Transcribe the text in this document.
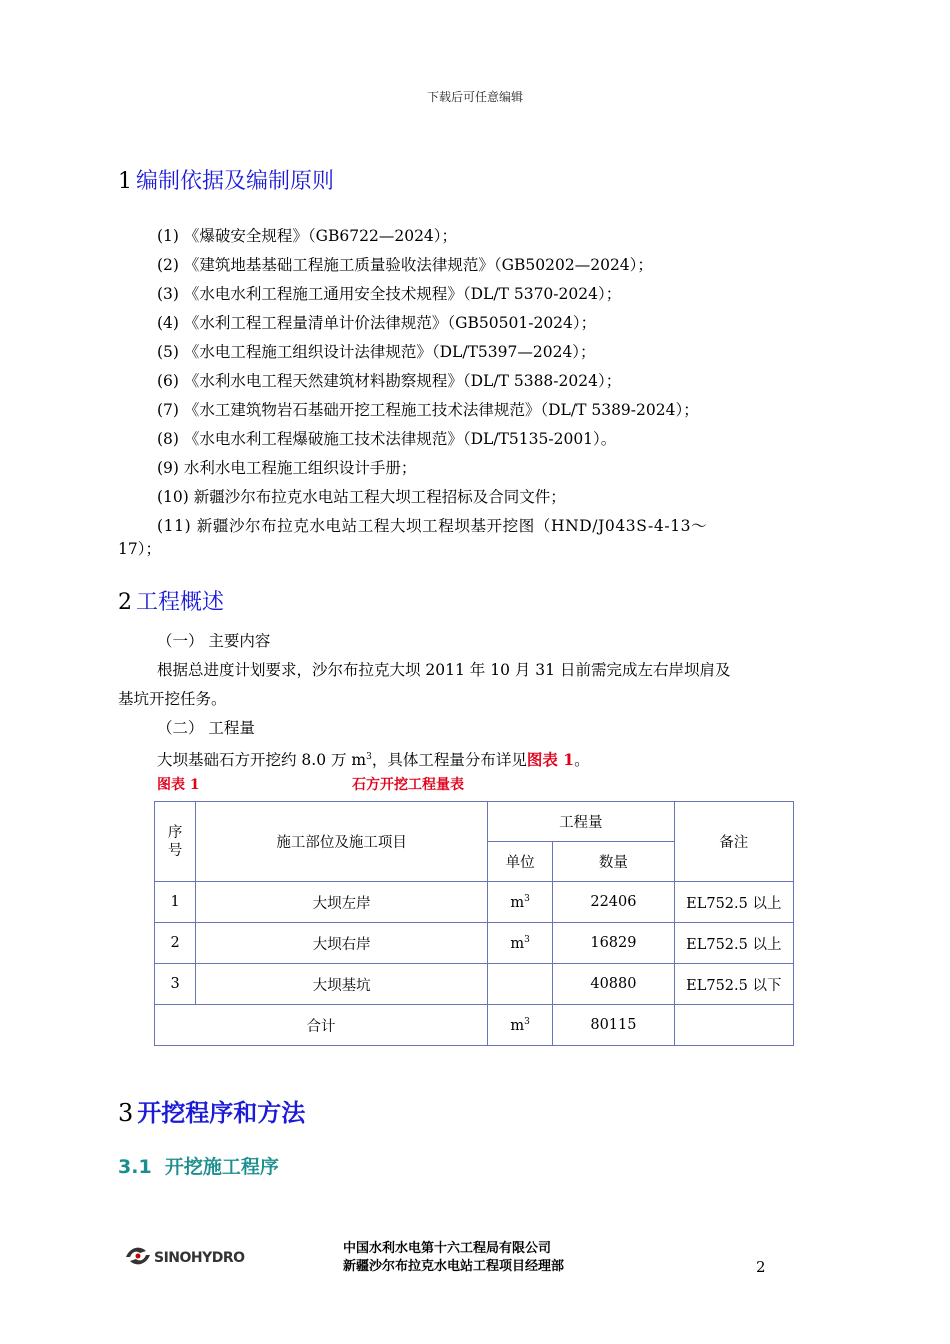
下载后可任意编辑
1 编制依据及编制原则
(1) 《爆破安全规程》（GB6722—2024）；
(2) 《建筑地基基础工程施工质量验收法律规范》（GB50202—2024）；
(3) 《水电水利工程施工通用安全技术规程》（DL/T 5370-2024）；
(4) 《水利工程工程量清单计价法律规范》（GB50501-2024）；
(5) 《水电工程施工组织设计法律规范》（DL/T5397—2024）；
(6) 《水利水电工程天然建筑材料勘察规程》（DL/T 5388-2024）；
(7) 《水工建筑物岩石基础开挖工程施工技术法律规范》（DL/T 5389-2024）；
(8) 《水电水利工程爆破施工技术法律规范》（DL/T5135-2001）。
(9) 水利水电工程施工组织设计手册；
(10) 新疆沙尔布拉克水电站工程大坝工程招标及合同文件；
(11) 新疆沙尔布拉克水电站工程大坝工程坝基开挖图（HND/J043S-4-13～
17）；
2 工程概述
（一） 主要内容
根据总进度计划要求，沙尔布拉克大坝 2011 年 10 月 31 日前需完成左右岸坝肩及
基坑开挖任务。
（二） 工程量
大坝基础石方开挖约 8.0 万 $m^3$，具体工程量分布详见图表 1。
图表 1	石方开挖工程量表
序号	施工部位及施工项目	工程量		备注
		单位	数量	
1	大坝左岸	$m^3$	22406	EL752.5 以上
2	大坝右岸	$m^3$	16829	EL752.5 以上
3	大坝基坑		40880	EL752.5 以下
合计		$m^3$	80115	
3 开挖程序和方法
3.1 开挖施工程序
SINOHYDRO
中国水利水电第十六工程局有限公司
新疆沙尔布拉克水电站工程项目经理部	2
